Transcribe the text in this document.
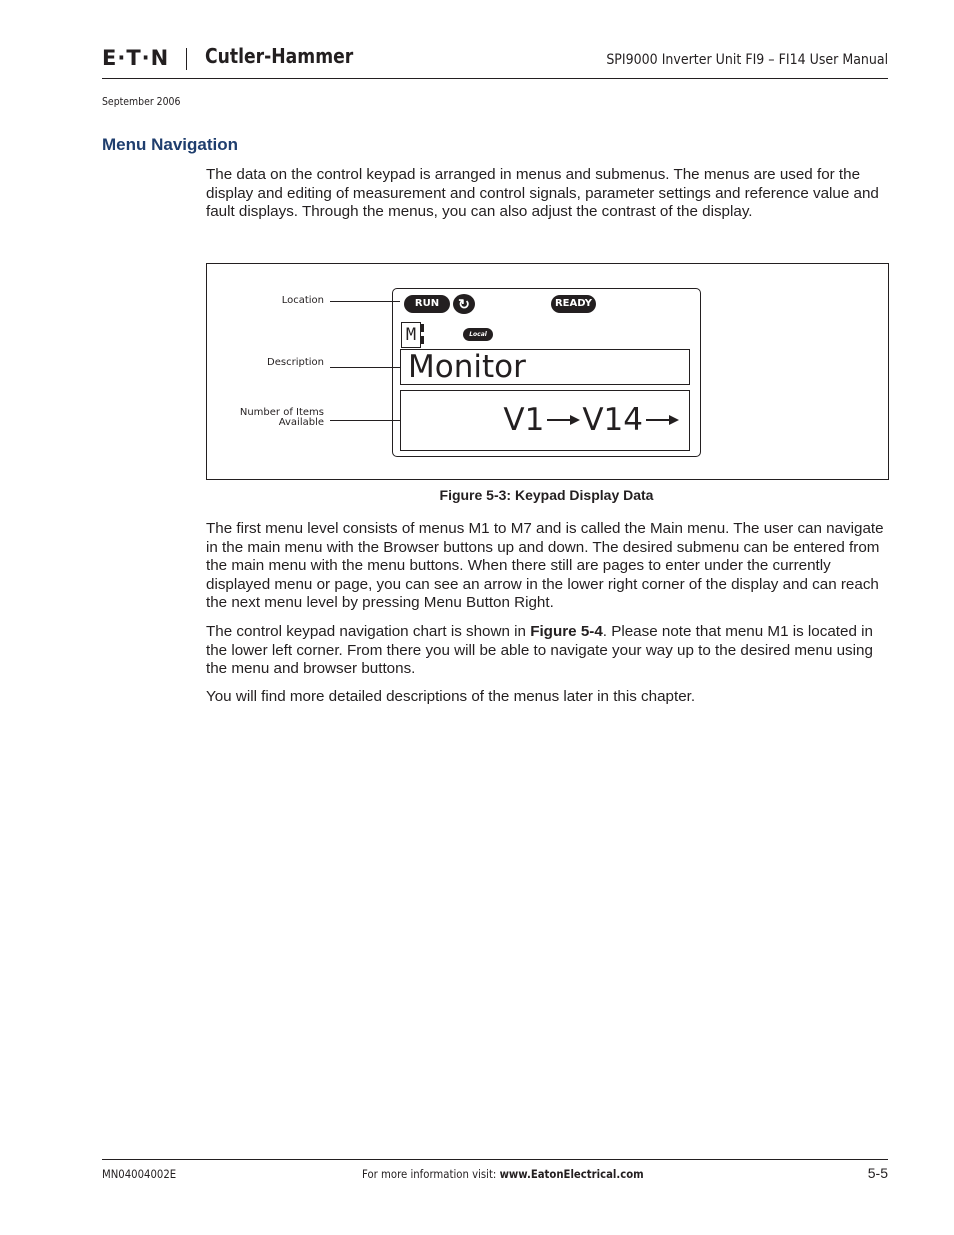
E·T·N Cutler-Hammer	SPI9000 Inverter Unit FI9 – FI14 User Manual
September 2006
Menu Navigation
The data on the control keypad is arranged in menus and submenus. The menus are used for the display and editing of measurement and control signals, parameter settings and reference value and fault displays. Through the menus, you can also adjust the contrast of the display.
Location
Description
Number of Items
Available
RUN	↻	READY
M	Local
Monitor
V1 V14
Figure 5-3: Keypad Display Data
The first menu level consists of menus M1 to M7 and is called the Main menu. The user can navigate in the main menu with the Browser buttons up and down. The desired submenu can be entered from the main menu with the menu buttons. When there still are pages to enter under the currently displayed menu or page, you can see an arrow in the lower right corner of the display and can reach the next menu level by pressing Menu Button Right.
The control keypad navigation chart is shown in Figure 5-4. Please note that menu M1 is located in the lower left corner. From there you will be able to navigate your way up to the desired menu using the menu and browser buttons.
You will find more detailed descriptions of the menus later in this chapter.
MN04004002E	For more information visit: www.EatonElectrical.com	5-5
